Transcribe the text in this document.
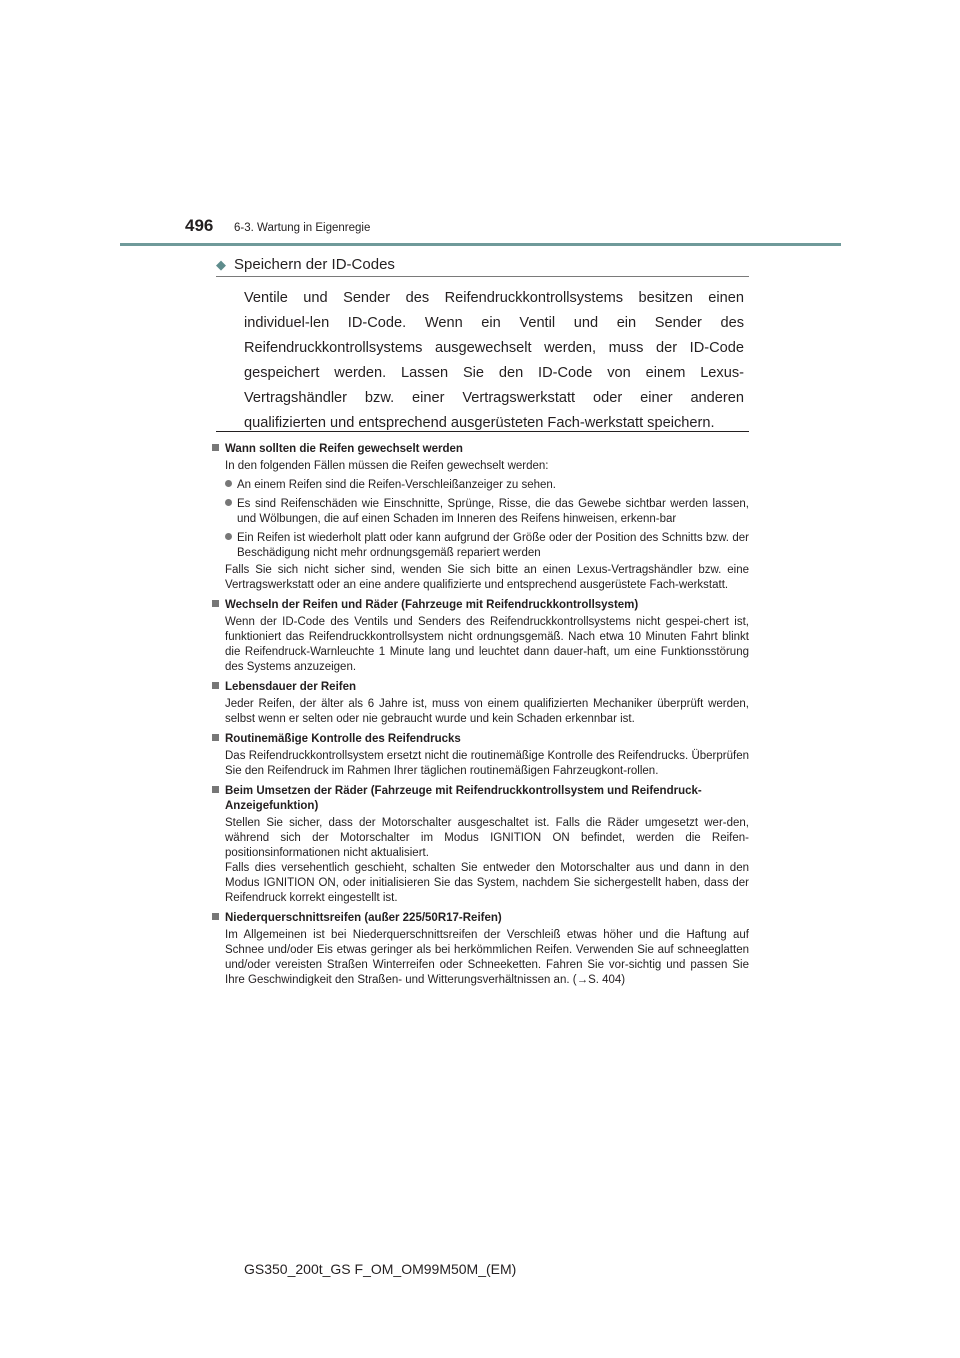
496 6-3. Wartung in Eigenregie
◆ Speichern der ID-Codes

Ventile und Sender des Reifendruckkontrollsystems besitzen einen individuel-len ID-Code. Wenn ein Ventil und ein Sender des Reifendruckkontrollsystems ausgewechselt werden, muss der ID-Code gespeichert werden. Lassen Sie den ID-Code von einem Lexus-Vertragshändler bzw. einer Vertragswerkstatt oder einer anderen qualifizierten und entsprechend ausgerüsteten Fach-werkstatt speichern.

Wann sollten die Reifen gewechselt werden

In den folgenden Fällen müssen die Reifen gewechselt werden:

An einem Reifen sind die Reifen-Verschleißanzeiger zu sehen.

Es sind Reifenschäden wie Einschnitte, Sprünge, Risse, die das Gewebe sichtbar werden lassen, und Wölbungen, die auf einen Schaden im Inneren des Reifens hinweisen, erkenn-bar

Ein Reifen ist wiederholt platt oder kann aufgrund der Größe oder der Position des Schnitts bzw. der Beschädigung nicht mehr ordnungsgemäß repariert werden

Falls Sie sich nicht sicher sind, wenden Sie sich bitte an einen Lexus-Vertragshändler bzw. eine Vertragswerkstatt oder an eine andere qualifizierte und entsprechend ausgerüstete Fach-werkstatt.

Wechseln der Reifen und Räder (Fahrzeuge mit Reifendruckkontrollsystem)

Wenn der ID-Code des Ventils und Senders des Reifendruckkontrollsystems nicht gespei-chert ist, funktioniert das Reifendruckkontrollsystem nicht ordnungsgemäß. Nach etwa 10 Minuten Fahrt blinkt die Reifendruck-Warnleuchte 1 Minute lang und leuchtet dann dauer-haft, um eine Funktionsstörung des Systems anzuzeigen.

Lebensdauer der Reifen

Jeder Reifen, der älter als 6 Jahre ist, muss von einem qualifizierten Mechaniker überprüft werden, selbst wenn er selten oder nie gebraucht wurde und kein Schaden erkennbar ist.

Routinemäßige Kontrolle des Reifendrucks

Das Reifendruckkontrollsystem ersetzt nicht die routinemäßige Kontrolle des Reifendrucks. Überprüfen Sie den Reifendruck im Rahmen Ihrer täglichen routinemäßigen Fahrzeugkont-rollen.

Beim Umsetzen der Räder (Fahrzeuge mit Reifendruckkontrollsystem und Reifendruck-Anzeigefunktion)

Stellen Sie sicher, dass der Motorschalter ausgeschaltet ist. Falls die Räder umgesetzt wer-den, während sich der Motorschalter im Modus IGNITION ON befindet, werden die Reifen-positionsinformationen nicht aktualisiert.

Falls dies versehentlich geschieht, schalten Sie entweder den Motorschalter aus und dann in den Modus IGNITION ON, oder initialisieren Sie das System, nachdem Sie sichergestellt haben, dass der Reifendruck korrekt eingestellt ist.

Niederquerschnittsreifen (außer 225/50R17-Reifen)

Im Allgemeinen ist bei Niederquerschnittsreifen der Verschleiß etwas höher und die Haftung auf Schnee und/oder Eis etwas geringer als bei herkömmlichen Reifen. Verwenden Sie auf schneeglatten und/oder vereisten Straßen Winterreifen oder Schneeketten. Fahren Sie vor-sichtig und passen Sie Ihre Geschwindigkeit den Straßen- und Witterungsverhältnissen an. (→S. 404)

GS350_200t_GS F_OM_OM99M50M_(EM)
